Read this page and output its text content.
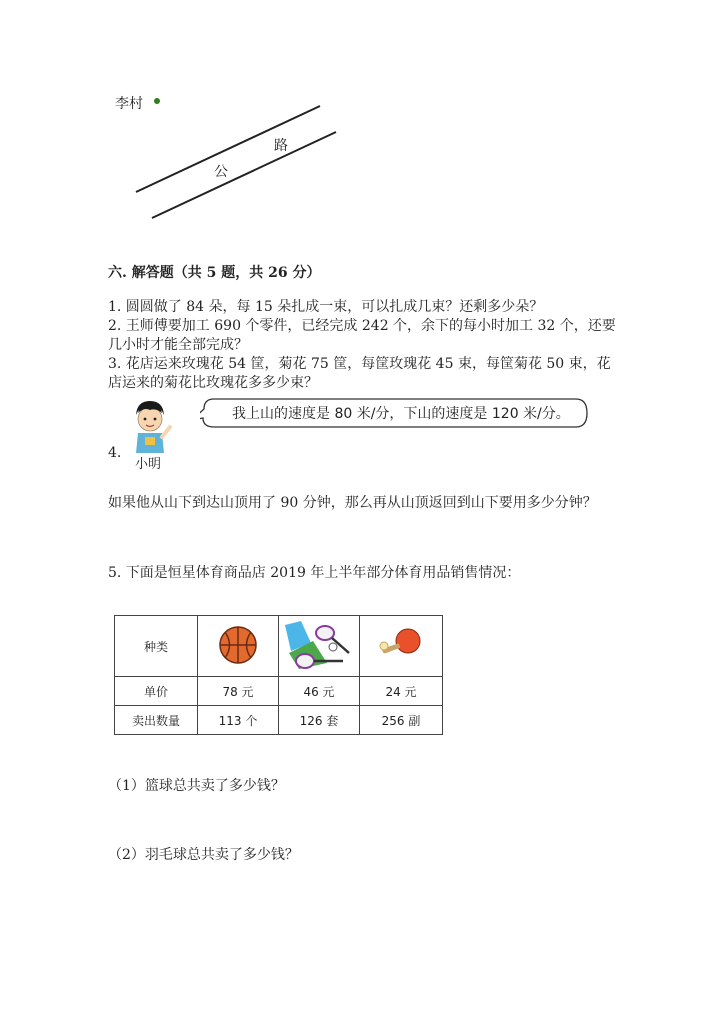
李村
路
公
六. 解答题（共 5 题，共 26 分）
1. 圆圆做了 84 朵，每 15 朵扎成一束，可以扎成几束？还剩多少朵？
2. 王师傅要加工 690 个零件，已经完成 242 个，余下的每小时加工 32 个，还要
几小时才能全部完成？
3. 花店运来玫瑰花 54 筐，菊花 75 筐，每筐玫瑰花 45 束，每筐菊花 50 束，花
店运来的菊花比玫瑰花多多少束？
4.
小明
我上山的速度是 80 米/分，下山的速度是 120 米/分。
如果他从山下到达山顶用了 90 分钟，那么再从山顶返回到山下要用多少分钟？
5. 下面是恒星体育商品店 2019 年上半年部分体育用品销售情况：
种类			
单价	78 元	46 元	24 元
卖出数量	113 个	126 套	256 副
（1）篮球总共卖了多少钱？
（2）羽毛球总共卖了多少钱？
